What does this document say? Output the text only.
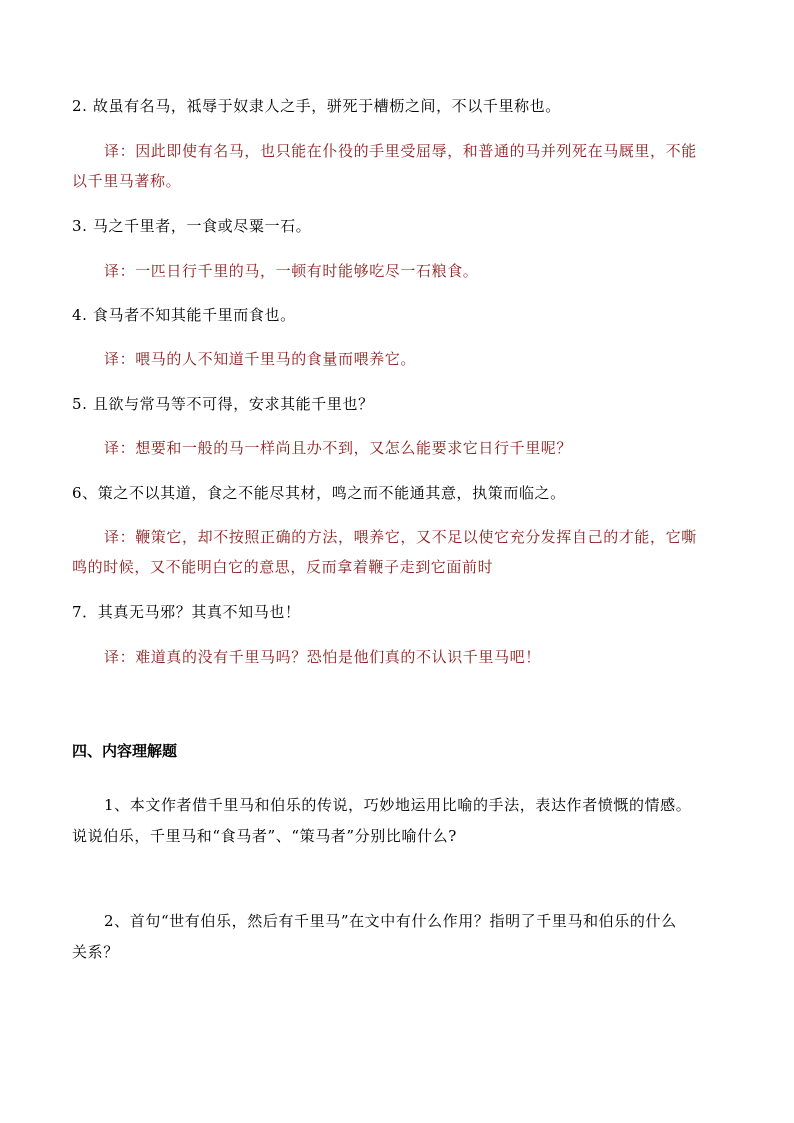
2. 故虽有名马，祗辱于奴隶人之手，骈死于槽枥之间，不以千里称也。
译：因此即使有名马，也只能在仆役的手里受屈辱，和普通的马并列死在马厩里，不能
以千里马著称。
3. 马之千里者，一食或尽粟一石。
译：一匹日行千里的马，一顿有时能够吃尽一石粮食。
4. 食马者不知其能千里而食也。
译：喂马的人不知道千里马的食量而喂养它。
5. 且欲与常马等不可得，安求其能千里也？
译：想要和一般的马一样尚且办不到，又怎么能要求它日行千里呢？
6、策之不以其道，食之不能尽其材，鸣之而不能通其意，执策而临之。
译：鞭策它，却不按照正确的方法，喂养它，又不足以使它充分发挥自己的才能，它嘶
鸣的时候，又不能明白它的意思，反而拿着鞭子走到它面前时
7．其真无马邪？其真不知马也！
译：难道真的没有千里马吗？恐怕是他们真的不认识千里马吧！
四、内容理解题
1、本文作者借千里马和伯乐的传说，巧妙地运用比喻的手法，表达作者愤慨的情感。
说说伯乐，千里马和“食马者”、“策马者”分别比喻什么?
2、首句“世有伯乐，然后有千里马”在文中有什么作用？指明了千里马和伯乐的什么
关系？
